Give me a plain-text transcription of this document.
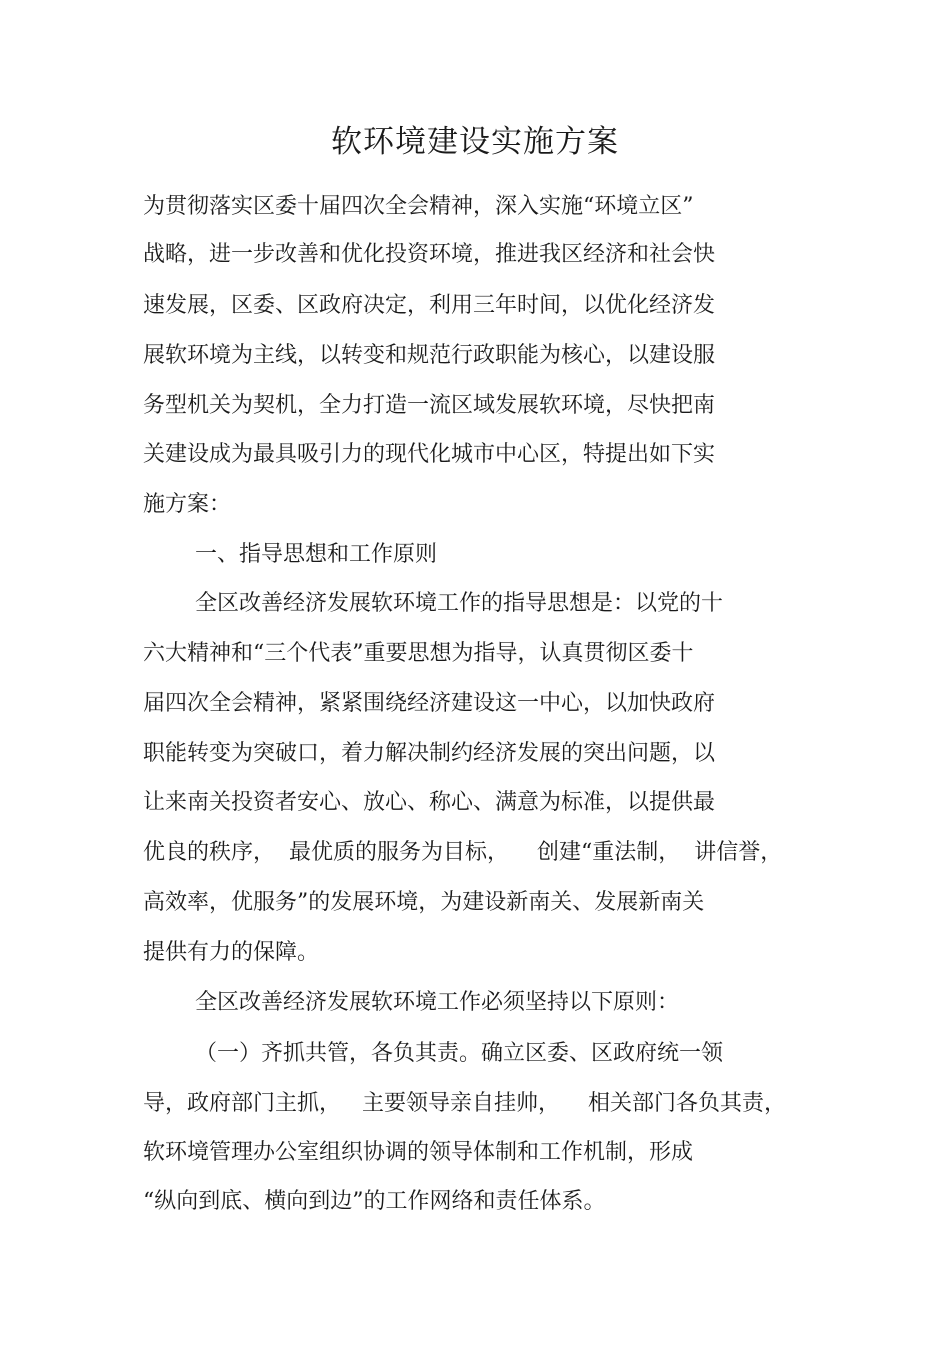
软环境建设实施方案

为贯彻落实区委十届四次全会精神，深入实施“环境立区”

战略，进一步改善和优化投资环境，推进我区经济和社会快

速发展，区委、区政府决定，利用三年时间，以优化经济发

展软环境为主线，以转变和规范行政职能为核心，以建设服

务型机关为契机，全力打造一流区域发展软环境，尽快把南

关建设成为最具吸引力的现代化城市中心区，特提出如下实

施方案：

一、指导思想和工作原则

全区改善经济发展软环境工作的指导思想是：以党的十

六大精神和“三个代表”重要思想为指导，认真贯彻区委十

届四次全会精神，紧紧围绕经济建设这一中心，以加快政府

职能转变为突破口，着力解决制约经济发展的突出问题，以

让来南关投资者安心、放心、称心、满意为标准，以提供最

优良的秩序，  最优质的服务为目标，    创建“重法制，  讲信誉，

高效率，优服务”的发展环境，为建设新南关、发展新南关

提供有力的保障。

全区改善经济发展软环境工作必须坚持以下原则：

（一）齐抓共管，各负其责。确立区委、区政府统一领

导，政府部门主抓，   主要领导亲自挂帅，    相关部门各负其责，

软环境管理办公室组织协调的领导体制和工作机制，形成

“纵向到底、横向到边”的工作网络和责任体系。
